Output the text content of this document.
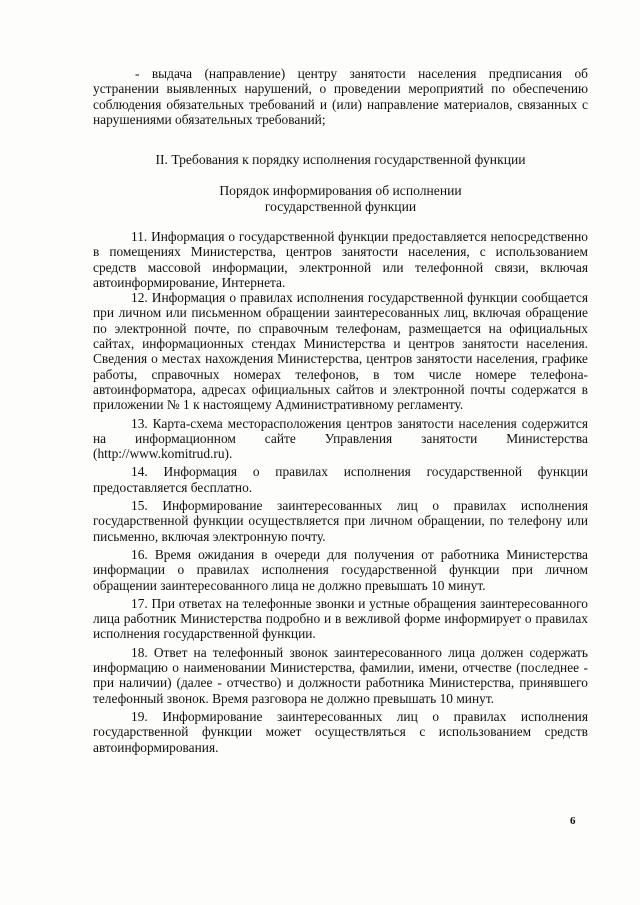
- выдача (направление) центру занятости населения предписания об устранении выявленных нарушений, о проведении мероприятий по обеспечению соблюдения обязательных требований и (или) направление материалов, связанных с нарушениями обязательных требований;

II. Требования к порядку исполнения государственной функции
Порядок информирования об исполнении
государственной функции

11. Информация о государственной функции предоставляется непосредственно в помещениях Министерства, центров занятости населения, с использованием средств массовой информации, электронной или телефонной связи, включая автоинформирование, Интернета.

12. Информация о правилах исполнения государственной функции сообщается при личном или письменном обращении заинтересованных лиц, включая обращение по электронной почте, по справочным телефонам, размещается на официальных сайтах, информационных стендах Министерства и центров занятости населения. Сведения о местах нахождения Министерства, центров занятости населения, графике работы, справочных номерах телефонов, в том числе номере телефона-автоинформатора, адресах официальных сайтов и электронной почты содержатся в приложении № 1 к настоящему Административному регламенту.

13. Карта-схема месторасположения центров занятости населения содержится на информационном сайте Управления занятости Министерства (http://www.komitrud.ru).

14. Информация о правилах исполнения государственной функции предоставляется бесплатно.

15. Информирование заинтересованных лиц о правилах исполнения государственной функции осуществляется при личном обращении, по телефону или письменно, включая электронную почту.

16. Время ожидания в очереди для получения от работника Министерства информации о правилах исполнения государственной функции при личном обращении заинтересованного лица не должно превышать 10 минут.

17. При ответах на телефонные звонки и устные обращения заинтересованного лица работник Министерства подробно и в вежливой форме информирует о правилах исполнения государственной функции.

18. Ответ на телефонный звонок заинтересованного лица должен содержать информацию о наименовании Министерства, фамилии, имени, отчестве (последнее - при наличии) (далее - отчество) и должности работника Министерства, принявшего телефонный звонок. Время разговора не должно превышать 10 минут.

19. Информирование заинтересованных лиц о правилах исполнения государственной функции может осуществляться с использованием средств автоинформирования.

6
